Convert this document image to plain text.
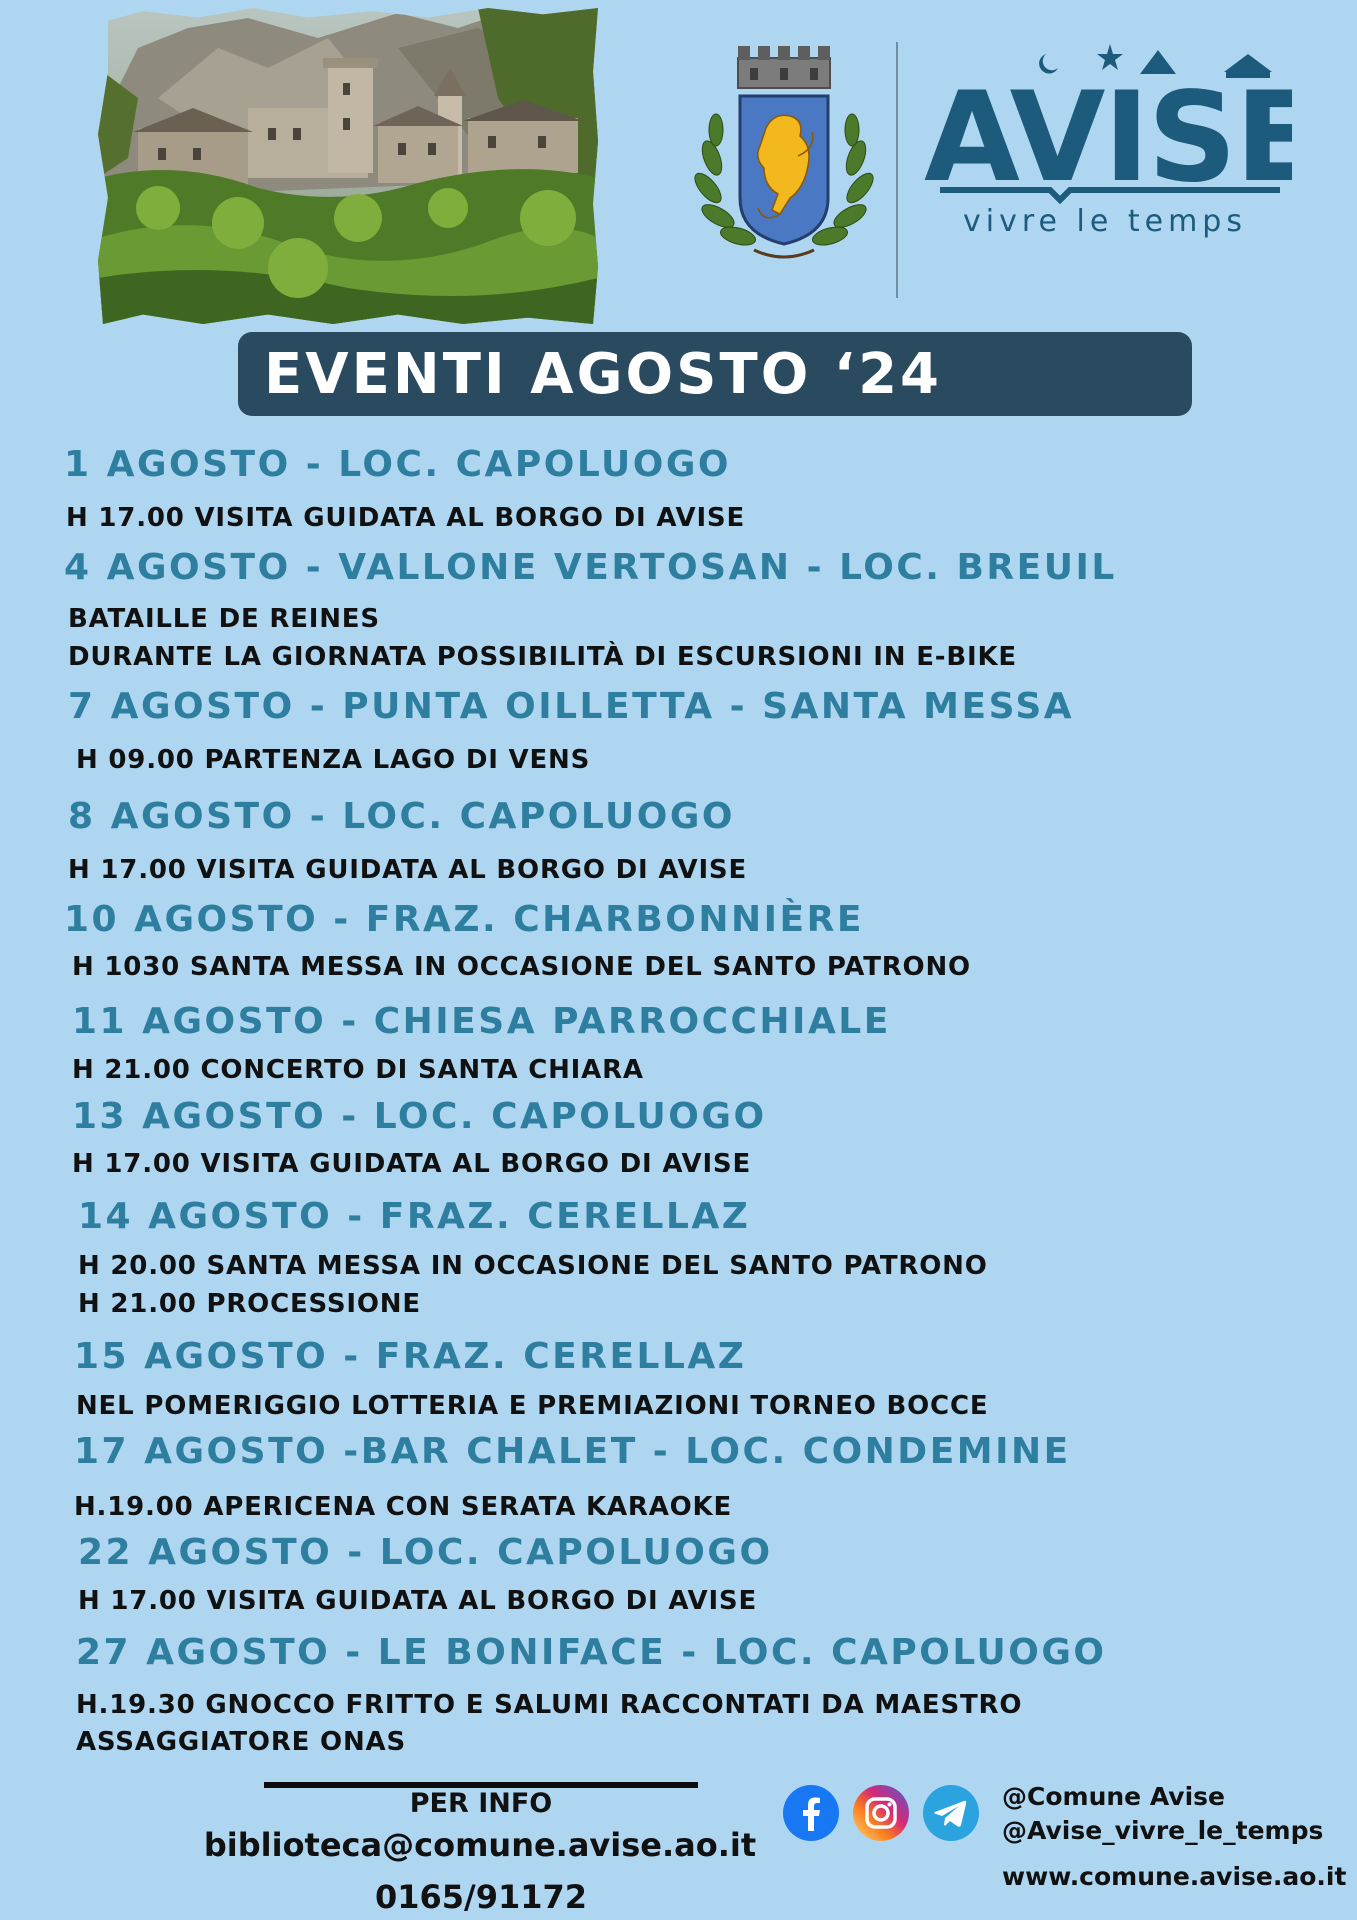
AVISE
vivre le temps
EVENTI AGOSTO ‘24
1 AGOSTO - LOC. CAPOLUOGO
H 17.00 VISITA GUIDATA AL BORGO DI AVISE
4 AGOSTO - VALLONE VERTOSAN - LOC. BREUIL
BATAILLE DE REINES
DURANTE LA GIORNATA POSSIBILITÀ DI ESCURSIONI IN E-BIKE
7 AGOSTO - PUNTA OILLETTA - SANTA MESSA
H 09.00 PARTENZA LAGO DI VENS
8 AGOSTO - LOC. CAPOLUOGO
H 17.00 VISITA GUIDATA AL BORGO DI AVISE
10 AGOSTO - FRAZ. CHARBONNIÈRE
H 1030 SANTA MESSA IN OCCASIONE DEL SANTO PATRONO
11 AGOSTO - CHIESA PARROCCHIALE
H 21.00 CONCERTO DI SANTA CHIARA
13 AGOSTO - LOC. CAPOLUOGO
H 17.00 VISITA GUIDATA AL BORGO DI AVISE
14 AGOSTO - FRAZ. CERELLAZ
H 20.00 SANTA MESSA IN OCCASIONE DEL SANTO PATRONO
H 21.00 PROCESSIONE
15 AGOSTO - FRAZ. CERELLAZ
NEL POMERIGGIO LOTTERIA E PREMIAZIONI TORNEO BOCCE
17 AGOSTO -BAR CHALET - LOC. CONDEMINE
H.19.00 APERICENA CON SERATA KARAOKE
22 AGOSTO - LOC. CAPOLUOGO
H 17.00 VISITA GUIDATA AL BORGO DI AVISE
27 AGOSTO - LE BONIFACE - LOC. CAPOLUOGO
H.19.30 GNOCCO FRITTO E SALUMI RACCONTATI DA MAESTRO
ASSAGGIATORE ONAS
PER INFO
biblioteca@comune.avise.ao.it
0165/91172
@Comune Avise
@Avise_vivre_le_temps
www.comune.avise.ao.it
